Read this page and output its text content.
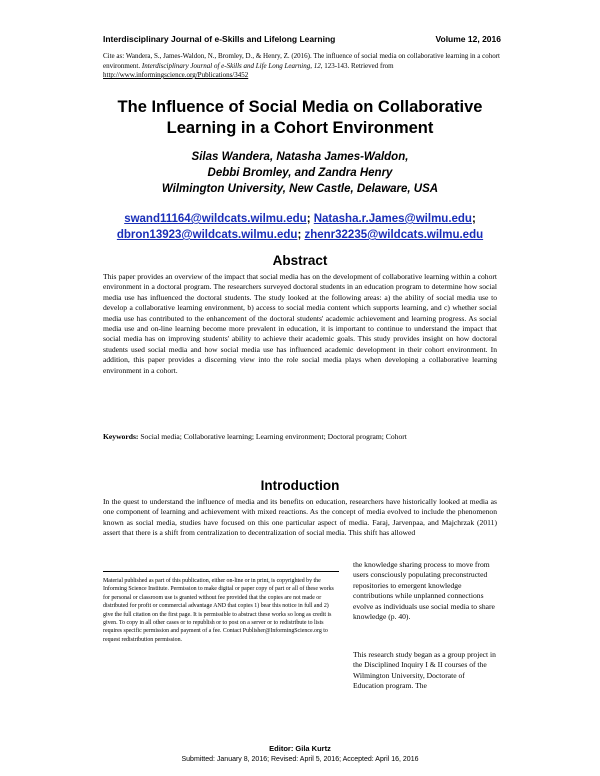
Interdisciplinary Journal of e-Skills and Lifelong Learning	Volume 12, 2016
Cite as: Wandera, S., James-Waldon, N., Bromley, D., & Henry, Z. (2016). The influence of social media on collaborative learning in a cohort environment. Interdisciplinary Journal of e-Skills and Life Long Learning, 12, 123-143. Retrieved from http://www.informingscience.org/Publications/3452
The Influence of Social Media on Collaborative Learning in a Cohort Environment
Silas Wandera, Natasha James-Waldon,
Debbi Bromley, and Zandra Henry
Wilmington University, New Castle, Delaware, USA
swand11164@wildcats.wilmu.edu; Natasha.r.James@wilmu.edu;
dbron13923@wildcats.wilmu.edu; zhenr32235@wildcats.wilmu.edu
Abstract

This paper provides an overview of the impact that social media has on the development of collaborative learning within a cohort environment in a doctoral program. The researchers surveyed doctoral students in an education program to determine how social media use has influenced the doctoral students. The study looked at the following areas: a) the ability of social media use to develop a collaborative learning environment, b) access to social media content which supports learning, and c) whether social media use has contributed to the enhancement of the doctoral students' academic achievement and learning progress. As social media use and on-line learning become more prevalent in education, it is important to continue to understand the impact that social media has on improving students' ability to achieve their academic goals. This study provides insight on how doctoral students used social media and how social media use has influenced academic development in their cohort environment. In addition, this paper provides a discerning view into the role social media plays when developing a collaborative learning environment in a cohort.

Keywords: Social media; Collaborative learning; Learning environment; Doctoral program; Cohort

Introduction

In the quest to understand the influence of media and its benefits on education, researchers have historically looked at media as one component of learning and achievement with mixed reactions. As the concept of media evolved to include the phenomenon known as social media, studies have focused on this one particular aspect of media. Faraj, Jarvenpaa, and Majchrzak (2011) assert that there is a shift from centralization to decentralization of social media. This shift has allowed

the knowledge sharing process to move from users consciously populating preconstructed repositories to emergent knowledge contributions while unplanned connections evolve as individuals use social media to share knowledge (p. 40).

This research study began as a group project in the Disciplined Inquiry I & II courses of the Wilmington University, Doctorate of Education program. The

Material published as part of this publication, either on-line or in print, is copyrighted by the Informing Science Institute. Permission to make digital or paper copy of part or all of these works for personal or classroom use is granted without fee provided that the copies are not made or distributed for profit or commercial advantage AND that copies 1) bear this notice in full and 2) give the full citation on the first page. It is permissible to abstract these works so long as credit is given. To copy in all other cases or to republish or to post on a server or to redistribute to lists requires specific permission and payment of a fee. Contact Publisher@InformingScience.org to request redistribution permission.
Editor: Gila Kurtz
Submitted: January 8, 2016; Revised: April 5, 2016; Accepted: April 16, 2016
